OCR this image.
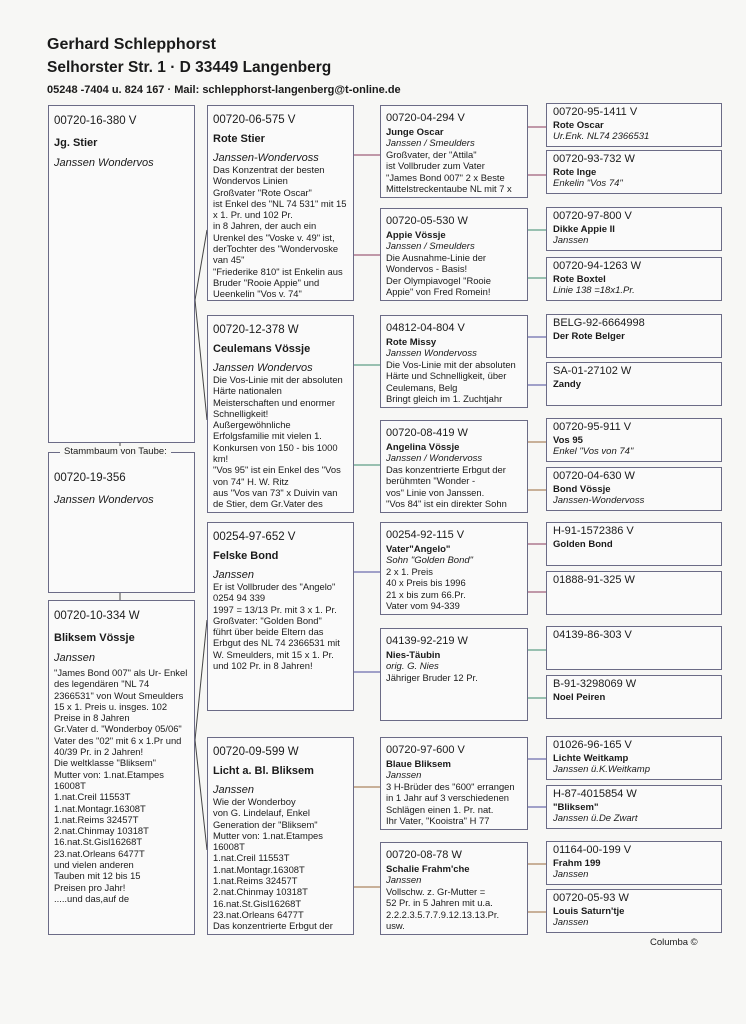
Gerhard Schlepphorst
Selhorster Str. 1 · D 33449 Langenberg
05248 -7404 u. 824 167 · Mail: schlepphorst-langenberg@t-online.de
00720-19-356
Janssen Wondervos
Stammbaum von Taube:
00720-16-380 V
Jg. Stier
Janssen Wondervos
00720-10-334 W
Bliksem Vössje
Janssen
"James Bond 007" als Ur- Enkel
des legendären "NL 74
2366531" von Wout Smeulders
15 x 1. Preis u. insges. 102
Preise in 8 Jahren
Gr.Vater d. "Wonderboy 05/06"
Vater des "02" mit 6 x 1.Pr und
40/39 Pr. in 2 Jahren!
Die weltklasse "Bliksem"
Mutter von: 1.nat.Etampes
16008T
1.nat.Creil 11553T
1.nat.Montagr.16308T
1.nat.Reims 32457T
2.nat.Chinmay 10318T
16.nat.St.Gisl16268T
23.nat.Orleans 6477T
und vielen anderen
Tauben mit 12 bis 15
Preisen pro Jahr!
.....und das,auf de
00720-06-575 V
Rote Stier
Janssen-Wondervoss
Das Konzentrat der besten
Wondervos Linien
Großvater "Rote Oscar"
ist Enkel des "NL 74 531" mit 15
x 1. Pr. und 102 Pr.
in 8 Jahren, der auch ein
Urenkel des "Voske v. 49" ist,
derTochter des "Wondervoske
van 45"
"Friederike 810" ist Enkelin aus
Bruder "Rooie Appie" und
Ueenkelin "Vos v. 74"
00720-12-378 W
Ceulemans Vössje
Janssen Wondervos
Die Vos-Linie mit der absoluten
Härte nationalen
Meisterschaften und enormer
Schnelligkeit!
Außergewöhnliche
Erfolgsfamilie mit vielen 1.
Konkursen von 150 - bis 1000
km!
"Vos 95" ist ein Enkel des "Vos
von 74" H. W. Ritz
aus "Vos van 73" x Duivin van
de Stier, dem Gr.Vater des
00254-97-652 V
Felske Bond
Janssen
Er ist Vollbruder des "Angelo"
0254 94 339
1997 = 13/13 Pr. mit 3 x 1. Pr.
Großvater: "Golden Bond"
führt über beide Eltern das
Erbgut des NL 74 2366531 mit
W. Smeulders, mit 15 x 1. Pr.
und 102 Pr. in 8 Jahren!
00720-09-599 W
Licht a. Bl. Bliksem
Janssen
Wie der Wonderboy
von G. Lindelauf, Enkel
Generation der "Bliksem"
Mutter von: 1.nat.Etampes
16008T
1.nat.Creil 11553T
1.nat.Montagr.16308T
1.nat.Reims 32457T
2.nat.Chinmay 10318T
16.nat.St.Gisl16268T
23.nat.Orleans 6477T
Das konzentrierte Erbgut der
00720-04-294 V
Junge Oscar
Janssen / Smeulders
Großvater, der "Attila"
ist Vollbruder zum Vater
"James Bond 007" 2 x Beste
Mittelstreckentaube NL mit 7 x
00720-05-530 W
Appie Vössje
Janssen / Smeulders
Die Ausnahme-Linie der
Wondervos - Basis!
Der Olympiavogel "Rooie
Appie" von Fred Romein!
04812-04-804 V
Rote Missy
Janssen Wondervoss
Die Vos-Linie mit der absoluten
Härte und Schnelligkeit, über
Ceulemans, Belg
Bringt gleich im 1. Zuchtjahr
00720-08-419 W
Angelina Vössje
Janssen / Wondervoss
Das konzentrierte Erbgut der
berühmten "Wonder -
vos" Linie von Janssen.
"Vos 84" ist ein direkter Sohn
00254-92-115 V
Vater"Angelo"
Sohn "Golden Bond"
2 x 1. Preis
40 x Preis bis 1996
21 x bis zum 66.Pr.
Vater vom 94-339
04139-92-219 W
Nies-Täubin
orig. G. Nies
Jähriger Bruder 12 Pr.
00720-97-600 V
Blaue Bliksem
Janssen
3 H-Brüder des "600" errangen
in 1 Jahr auf 3 verschiedenen
Schlägen einen 1. Pr. nat.
Ihr Vater, "Kooistra" H 77
00720-08-78 W
Schalie Frahm'che
Janssen
Vollschw. z. Gr-Mutter =
52 Pr. in 5 Jahren mit u.a.
2.2.2.3.5.7.7.9.12.13.13.Pr.
usw.
00720-95-1411 V
Rote Oscar
Ur.Enk. NL74 2366531
00720-93-732 W
Rote Inge
Enkelin "Vos 74"
00720-97-800 V
Dikke Appie II
Janssen
00720-94-1263 W
Rote Boxtel
Linie 138 =18x1.Pr.
BELG-92-6664998
Der Rote Belger
SA-01-27102 W
Zandy
00720-95-911 V
Vos 95
Enkel "Vos von 74"
00720-04-630 W
Bond Vössje
Janssen-Wondervoss
H-91-1572386 V
Golden Bond
01888-91-325 W
04139-86-303 V
B-91-3298069 W
Noel Peiren
01026-96-165 V
Lichte Weitkamp
Janssen ü.K.Weitkamp
H-87-4015854 W
"Bliksem"
Janssen ü.De Zwart
01164-00-199 V
Frahm 199
Janssen
00720-05-93 W
Louis Saturn'tje
Janssen
Columba ©
